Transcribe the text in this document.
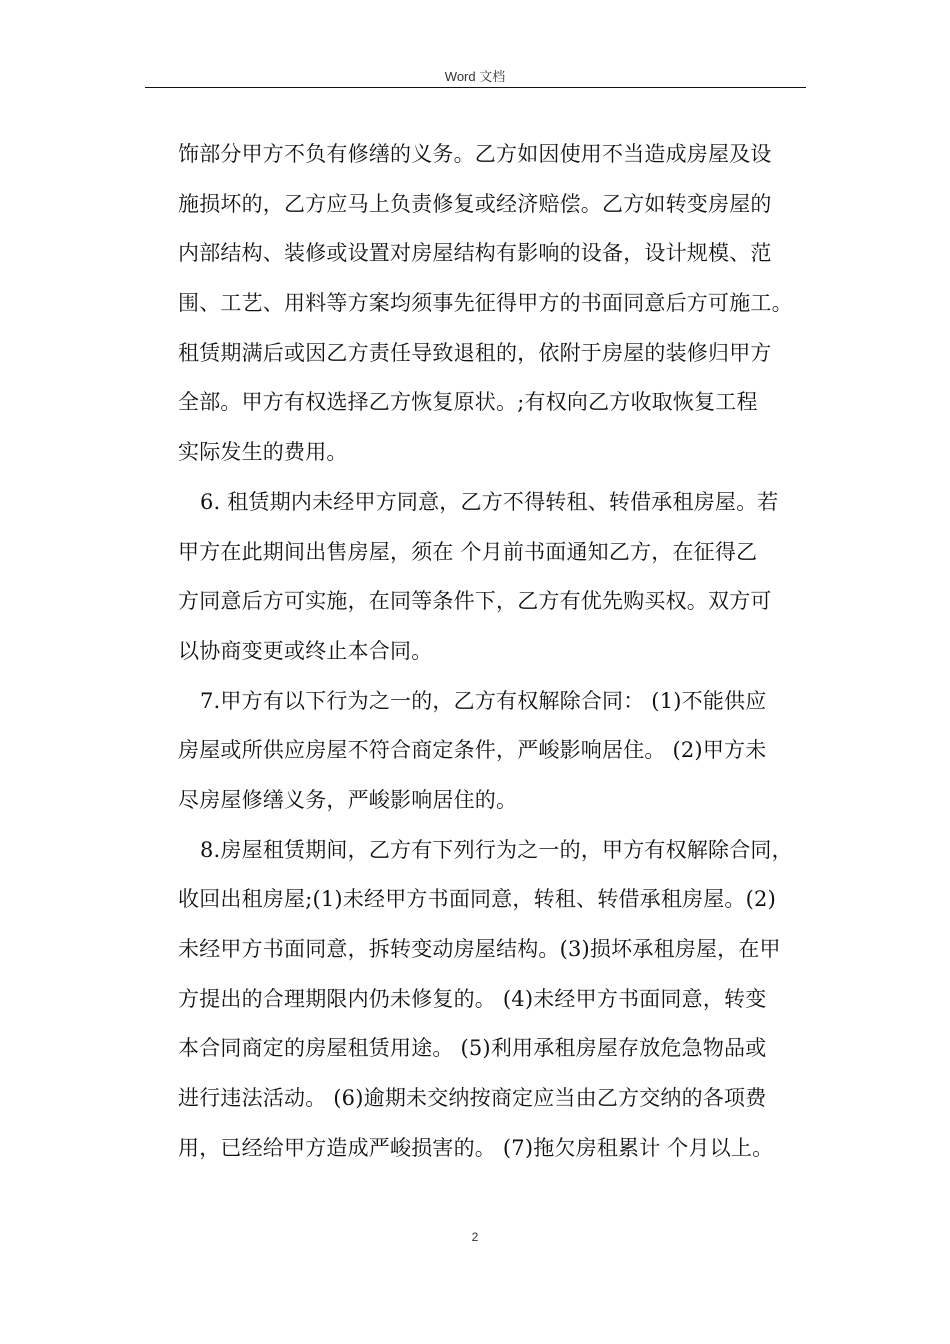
Word 文档
饰部分甲方不负有修缮的义务。乙方如因使用不当造成房屋及设
施损坏的，乙方应马上负责修复或经济赔偿。乙方如转变房屋的
内部结构、装修或设置对房屋结构有影响的设备，设计规模、范
围、工艺、用料等方案均须事先征得甲方的书面同意后方可施工。
租赁期满后或因乙方责任导致退租的，依附于房屋的装修归甲方
全部。甲方有权选择乙方恢复原状。;有权向乙方收取恢复工程
实际发生的费用。
6. 租赁期内未经甲方同意，乙方不得转租、转借承租房屋。若
甲方在此期间出售房屋，须在 个月前书面通知乙方，在征得乙
方同意后方可实施，在同等条件下，乙方有优先购买权。双方可
以协商变更或终止本合同。
7.甲方有以下行为之一的，乙方有权解除合同： (1)不能供应
房屋或所供应房屋不符合商定条件，严峻影响居住。 (2)甲方未
尽房屋修缮义务，严峻影响居住的。
8.房屋租赁期间，乙方有下列行为之一的，甲方有权解除合同，
收回出租房屋;(1)未经甲方书面同意，转租、转借承租房屋。(2)
未经甲方书面同意，拆转变动房屋结构。(3)损坏承租房屋，在甲
方提出的合理期限内仍未修复的。 (4)未经甲方书面同意，转变
本合同商定的房屋租赁用途。 (5)利用承租房屋存放危急物品或
进行违法活动。 (6)逾期未交纳按商定应当由乙方交纳的各项费
用，已经给甲方造成严峻损害的。 (7)拖欠房租累计 个月以上。
2
